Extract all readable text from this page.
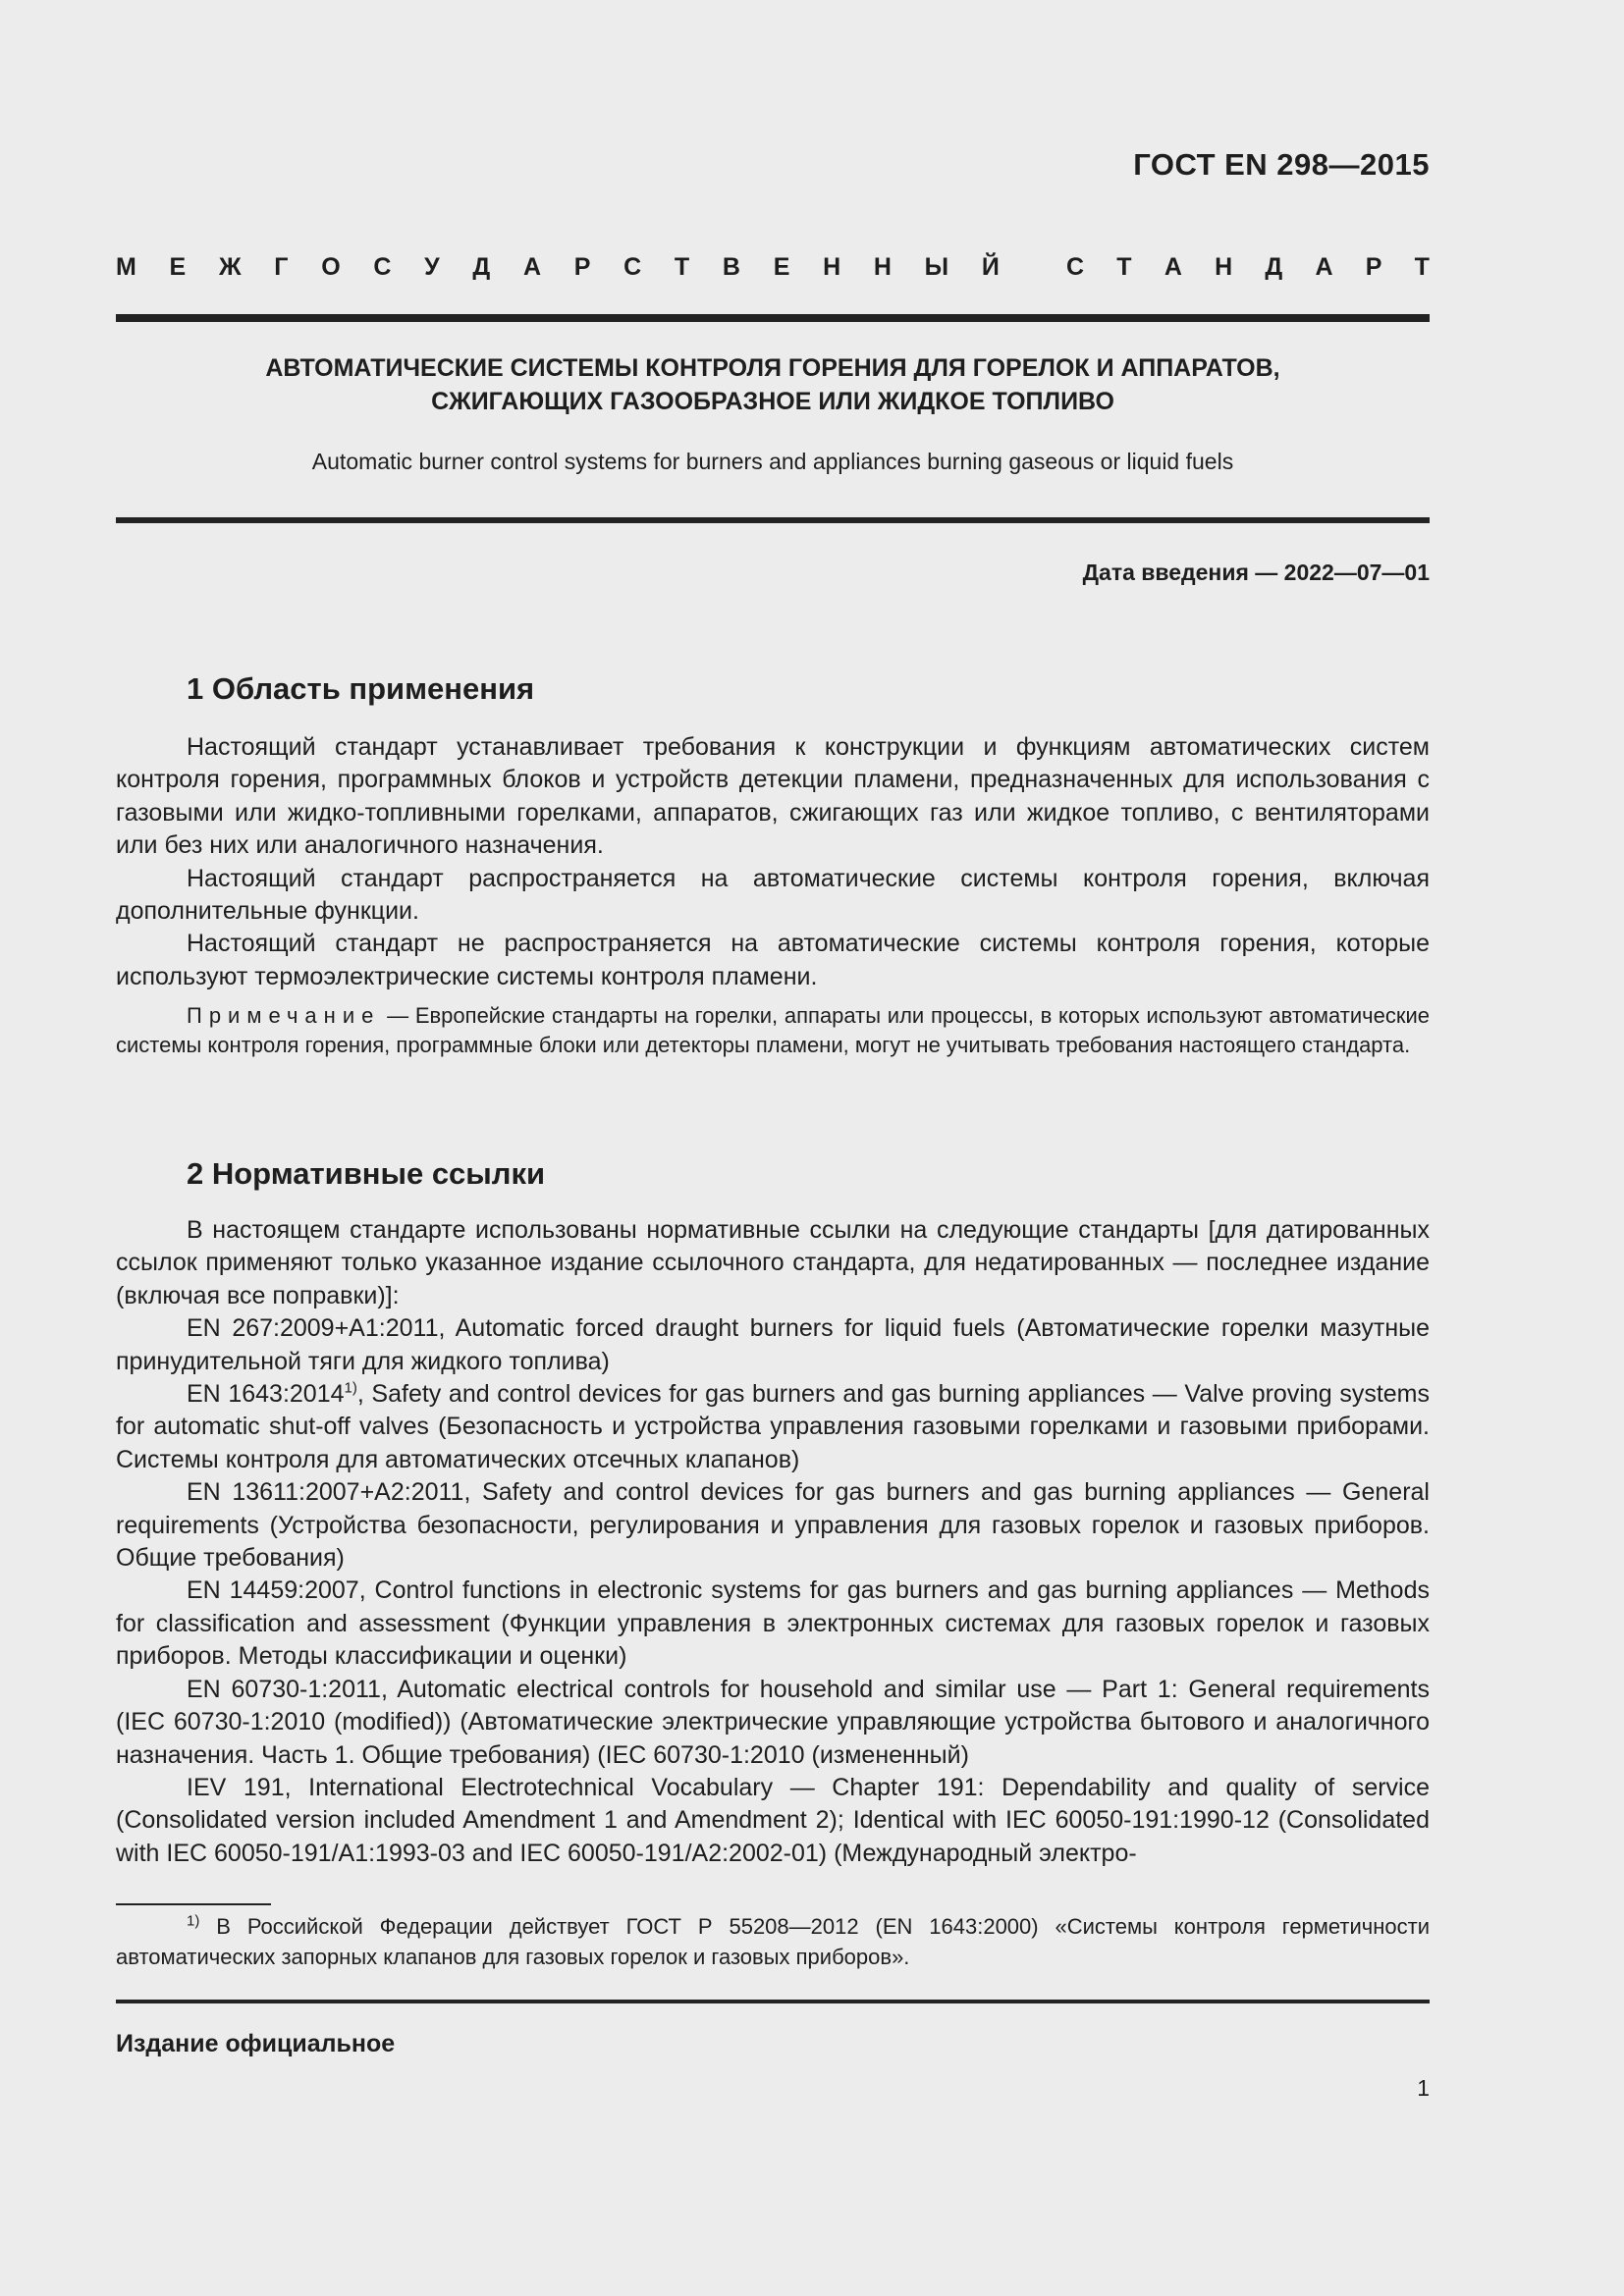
ГОСТ EN 298—2015
М Е Ж Г О С У Д А Р С Т В Е Н Н Ы Й	С Т А Н Д А Р Т
АВТОМАТИЧЕСКИЕ СИСТЕМЫ КОНТРОЛЯ ГОРЕНИЯ ДЛЯ ГОРЕЛОК И АППАРАТОВ,
СЖИГАЮЩИХ ГАЗООБРАЗНОЕ ИЛИ ЖИДКОЕ ТОПЛИВО
Automatic burner control systems for burners and appliances burning gaseous or liquid fuels
Дата введения — 2022—07—01
1 Область применения

Настоящий стандарт устанавливает требования к конструкции и функциям автоматических систем контроля горения, программных блоков и устройств детекции пламени, предназначенных для использования с газовыми или жидко-топливными горелками, аппаратов, сжигающих газ или жидкое топливо, с вентиляторами или без них или аналогичного назначения.

Настоящий стандарт распространяется на автоматические системы контроля горения, включая дополнительные функции.

Настоящий стандарт не распространяется на автоматические системы контроля горения, которые используют термоэлектрические системы контроля пламени.

Примечание — Европейские стандарты на горелки, аппараты или процессы, в которых используют автоматические системы контроля горения, программные блоки или детекторы пламени, могут не учитывать требования настоящего стандарта.

2 Нормативные ссылки

В настоящем стандарте использованы нормативные ссылки на следующие стандарты [для датированных ссылок применяют только указанное издание ссылочного стандарта, для недатированных — последнее издание (включая все поправки)]:

EN 267:2009+A1:2011, Automatic forced draught burners for liquid fuels (Автоматические горелки мазутные принудительной тяги для жидкого топлива)

EN 1643:2014$^{1)}$, Safety and control devices for gas burners and gas burning appliances — Valve proving systems for automatic shut-off valves (Безопасность и устройства управления газовыми горелками и газовыми приборами. Системы контроля для автоматических отсечных клапанов)

EN 13611:2007+A2:2011, Safety and control devices for gas burners and gas burning appliances — General requirements (Устройства безопасности, регулирования и управления для газовых горелок и газовых приборов. Общие требования)

EN 14459:2007, Control functions in electronic systems for gas burners and gas burning appliances — Methods for classification and assessment (Функции управления в электронных системах для газовых горелок и газовых приборов. Методы классификации и оценки)

EN 60730-1:2011, Automatic electrical controls for household and similar use — Part 1: General requirements (IEC 60730-1:2010 (modified)) (Автоматические электрические управляющие устройства бытового и аналогичного назначения. Часть 1. Общие требования) (IEC 60730-1:2010 (измененный)

IEV 191, International Electrotechnical Vocabulary — Chapter 191: Dependability and quality of service (Consolidated version included Amendment 1 and Amendment 2); Identical with IEC 60050-191:1990-12 (Consolidated with IEC 60050-191/A1:1993-03 and IEC 60050-191/A2:2002-01) (Международный электро-

$^{1)}$ В Российской Федерации действует ГОСТ Р 55208—2012 (EN 1643:2000) «Системы контроля герметичности автоматических запорных клапанов для газовых горелок и газовых приборов».
Издание официальное
1
